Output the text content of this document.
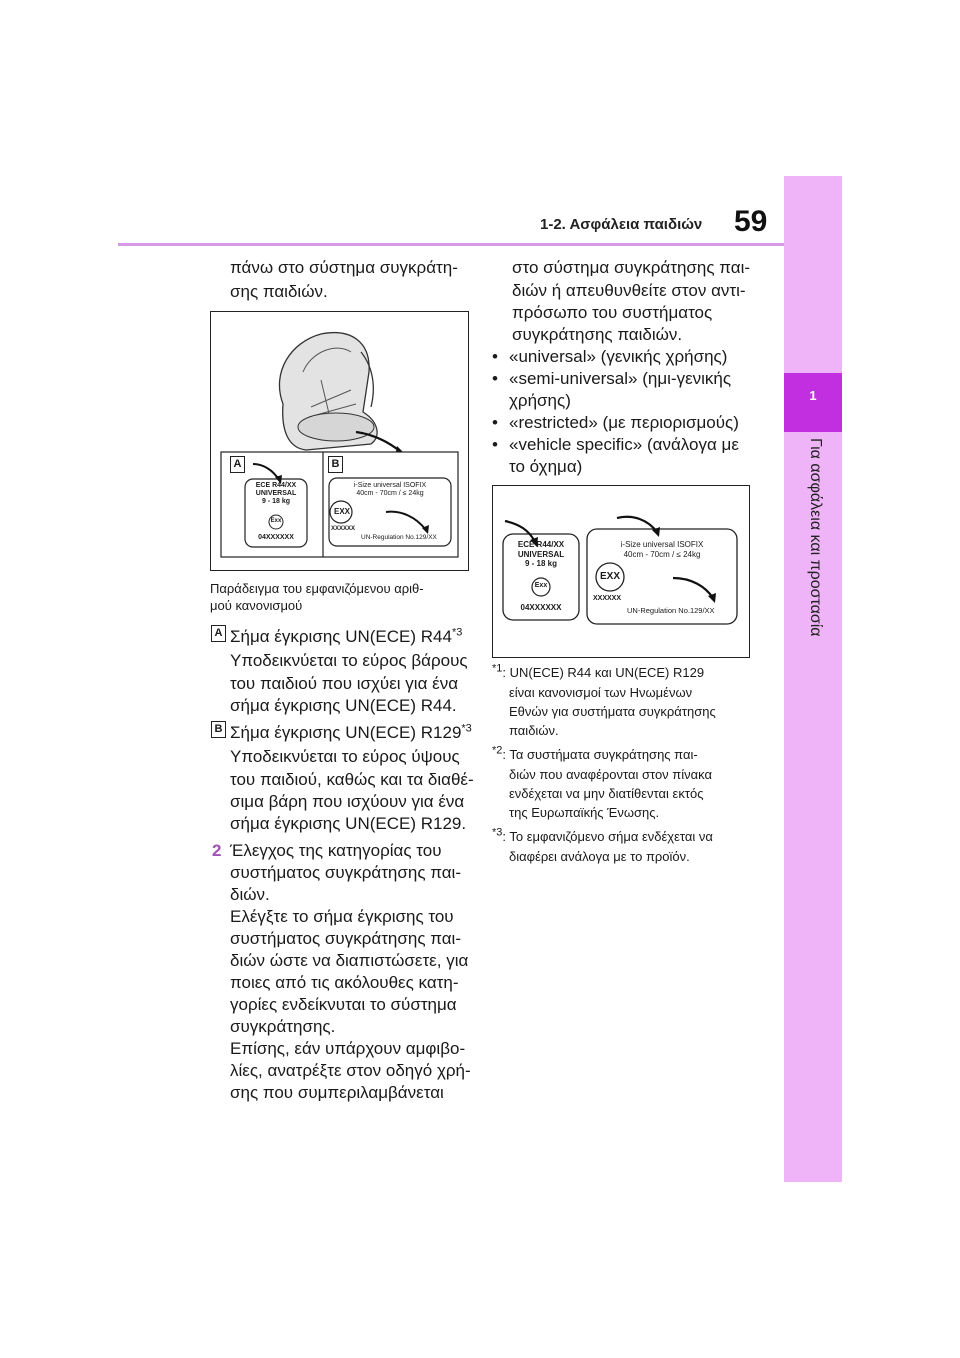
1-2. Ασφάλεια παιδιών 59
1
Για ασφάλεια και προστασία
πάνω στο σύστημα συγκράτη-
σης παιδιών.
A	B
ECE R44/XX
UNIVERSAL
9 - 18 kg
Exx
04XXXXXX
i-Size universal ISOFIX
40cm - 70cm / ≤ 24kg
EXX
XXXXXX
UN-Regulation No.129/XX
Παράδειγμα του εμφανιζόμενου αριθ-
μού κανονισμού
A Σήμα έγκρισης UN(ECE) R44$^{*3}$
Υποδεικνύεται το εύρος βάρους
του παιδιού που ισχύει για ένα
σήμα έγκρισης UN(ECE) R44.
B Σήμα έγκρισης UN(ECE) R129$^{*3}$
Υποδεικνύεται το εύρος ύψους
του παιδιού, καθώς και τα διαθέ-
σιμα βάρη που ισχύουν για ένα
σήμα έγκρισης UN(ECE) R129.
2 Έλεγχος της κατηγορίας του
συστήματος συγκράτησης παι-
διών.
Ελέγξτε το σήμα έγκρισης του
συστήματος συγκράτησης παι-
διών ώστε να διαπιστώσετε, για
ποιες από τις ακόλουθες κατη-
γορίες ενδείκνυται το σύστημα
συγκράτησης.
Επίσης, εάν υπάρχουν αμφιβο-
λίες, ανατρέξτε στον οδηγό χρή-
σης που συμπεριλαμβάνεται
στο σύστημα συγκράτησης παι-
διών ή απευθυνθείτε στον αντι-
πρόσωπο του συστήματος
συγκράτησης παιδιών.
• «universal» (γενικής χρήσης)
• «semi-universal» (ημι-γενικής
χρήσης)
• «restricted» (με περιορισμούς)
• «vehicle specific» (ανάλογα με
το όχημα)
ECE R44/XX
UNIVERSAL
9 - 18 kg
Exx
04XXXXXX
i-Size universal ISOFIX
40cm - 70cm / ≤ 24kg
EXX
XXXXXX
UN-Regulation No.129/XX
$^{*1}$: UN(ECE) R44 και UN(ECE) R129
είναι κανονισμοί των Ηνωμένων
Εθνών για συστήματα συγκράτησης
παιδιών.
$^{*2}$: Τα συστήματα συγκράτησης παι-
διών που αναφέρονται στον πίνακα
ενδέχεται να μην διατίθενται εκτός
της Ευρωπαϊκής Ένωσης.
$^{*3}$: Το εμφανιζόμενο σήμα ενδέχεται να
διαφέρει ανάλογα με το προϊόν.
